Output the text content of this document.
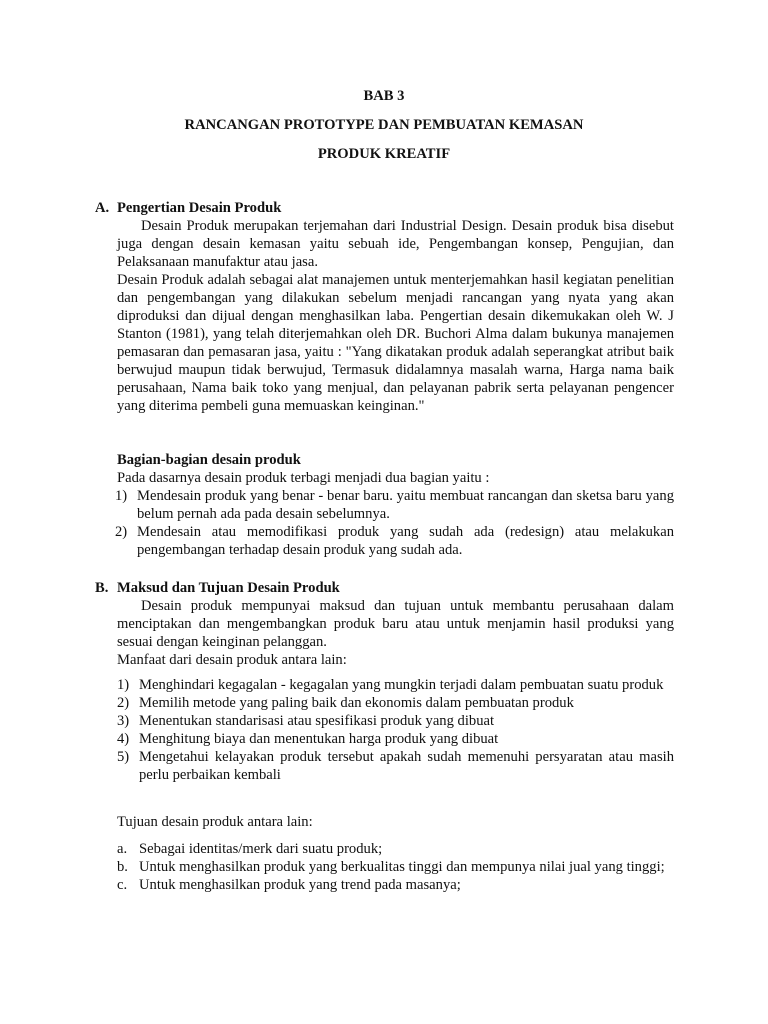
BAB 3
RANCANGAN PROTOTYPE DAN PEMBUATAN KEMASAN
PRODUK KREATIF
A. Pengertian Desain Produk
Desain Produk merupakan terjemahan dari Industrial Design. Desain produk bisa disebut juga dengan desain kemasan yaitu sebuah ide, Pengembangan konsep, Pengujian, dan Pelaksanaan manufaktur atau jasa.
Desain Produk adalah sebagai alat manajemen untuk menterjemahkan hasil kegiatan penelitian dan pengembangan yang dilakukan sebelum menjadi rancangan yang nyata yang akan diproduksi dan dijual dengan menghasilkan laba. Pengertian desain dikemukakan oleh W. J Stanton (1981), yang telah diterjemahkan oleh DR. Buchori Alma dalam bukunya manajemen pemasaran dan pemasaran jasa, yaitu : "Yang dikatakan produk adalah seperangkat atribut baik berwujud maupun tidak berwujud, Termasuk didalamnya masalah warna, Harga nama baik perusahaan, Nama baik toko yang menjual, dan pelayanan pabrik serta pelayanan pengencer yang diterima pembeli guna memuaskan keinginan."
Bagian-bagian desain produk
Pada dasarnya desain produk terbagi menjadi dua bagian yaitu :
1) Mendesain produk yang benar - benar baru. yaitu membuat rancangan dan sketsa baru yang belum pernah ada pada desain sebelumnya.
2) Mendesain atau memodifikasi produk yang sudah ada (redesign) atau melakukan pengembangan terhadap desain produk yang sudah ada.
B. Maksud dan Tujuan Desain Produk
Desain produk mempunyai maksud dan tujuan untuk membantu perusahaan dalam menciptakan dan mengembangkan produk baru atau untuk menjamin hasil produksi yang sesuai dengan keinginan pelanggan.
Manfaat dari desain produk antara lain:
1) Menghindari kegagalan - kegagalan yang mungkin terjadi dalam pembuatan suatu produk
2) Memilih metode yang paling baik dan ekonomis dalam pembuatan produk
3) Menentukan standarisasi atau spesifikasi produk yang dibuat
4) Menghitung biaya dan menentukan harga produk yang dibuat
5) Mengetahui kelayakan produk tersebut apakah sudah memenuhi persyaratan atau masih perlu perbaikan kembali
Tujuan desain produk antara lain:
a. Sebagai identitas/merk dari suatu produk;
b. Untuk menghasilkan produk yang berkualitas tinggi dan mempunya nilai jual yang tinggi;
c. Untuk menghasilkan produk yang trend pada masanya;
